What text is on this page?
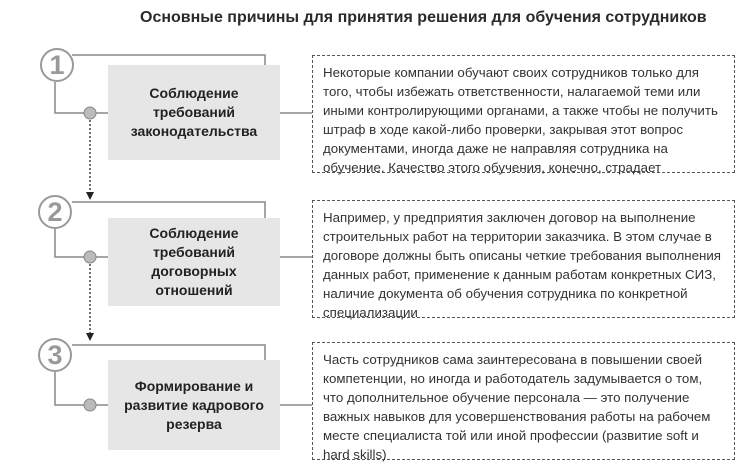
Основные причины для принятия решения для обучения сотрудников
1
2
3
Соблюдение требований законодательства
Соблюдение требований договорных отношений
Формирование и развитие кадрового резерва
Некоторые компании обучают своих сотрудников только для того, чтобы избежать ответственности, налагаемой теми или иными контролирующими органами, а также чтобы не получить штраф в ходе какой-либо проверки, закрывая этот вопрос документами, иногда даже не направляя сотрудника на обучение. Качество этого обучения, конечно, страдает
Например, у предприятия заключен договор на выполнение строительных работ на территории заказчика. В этом случае в договоре должны быть описаны четкие требования выполнения данных работ, применение к данным работам конкретных СИЗ, наличие документа об обучения сотрудника по конкретной специализации
Часть сотрудников сама заинтересована в повышении своей компетенции, но иногда и работодатель задумывается о том, что дополнительное обучение персонала — это получение важных навыков для усовершенствования работы на рабочем месте специалиста той или иной профессии (развитие soft и hard skills)
